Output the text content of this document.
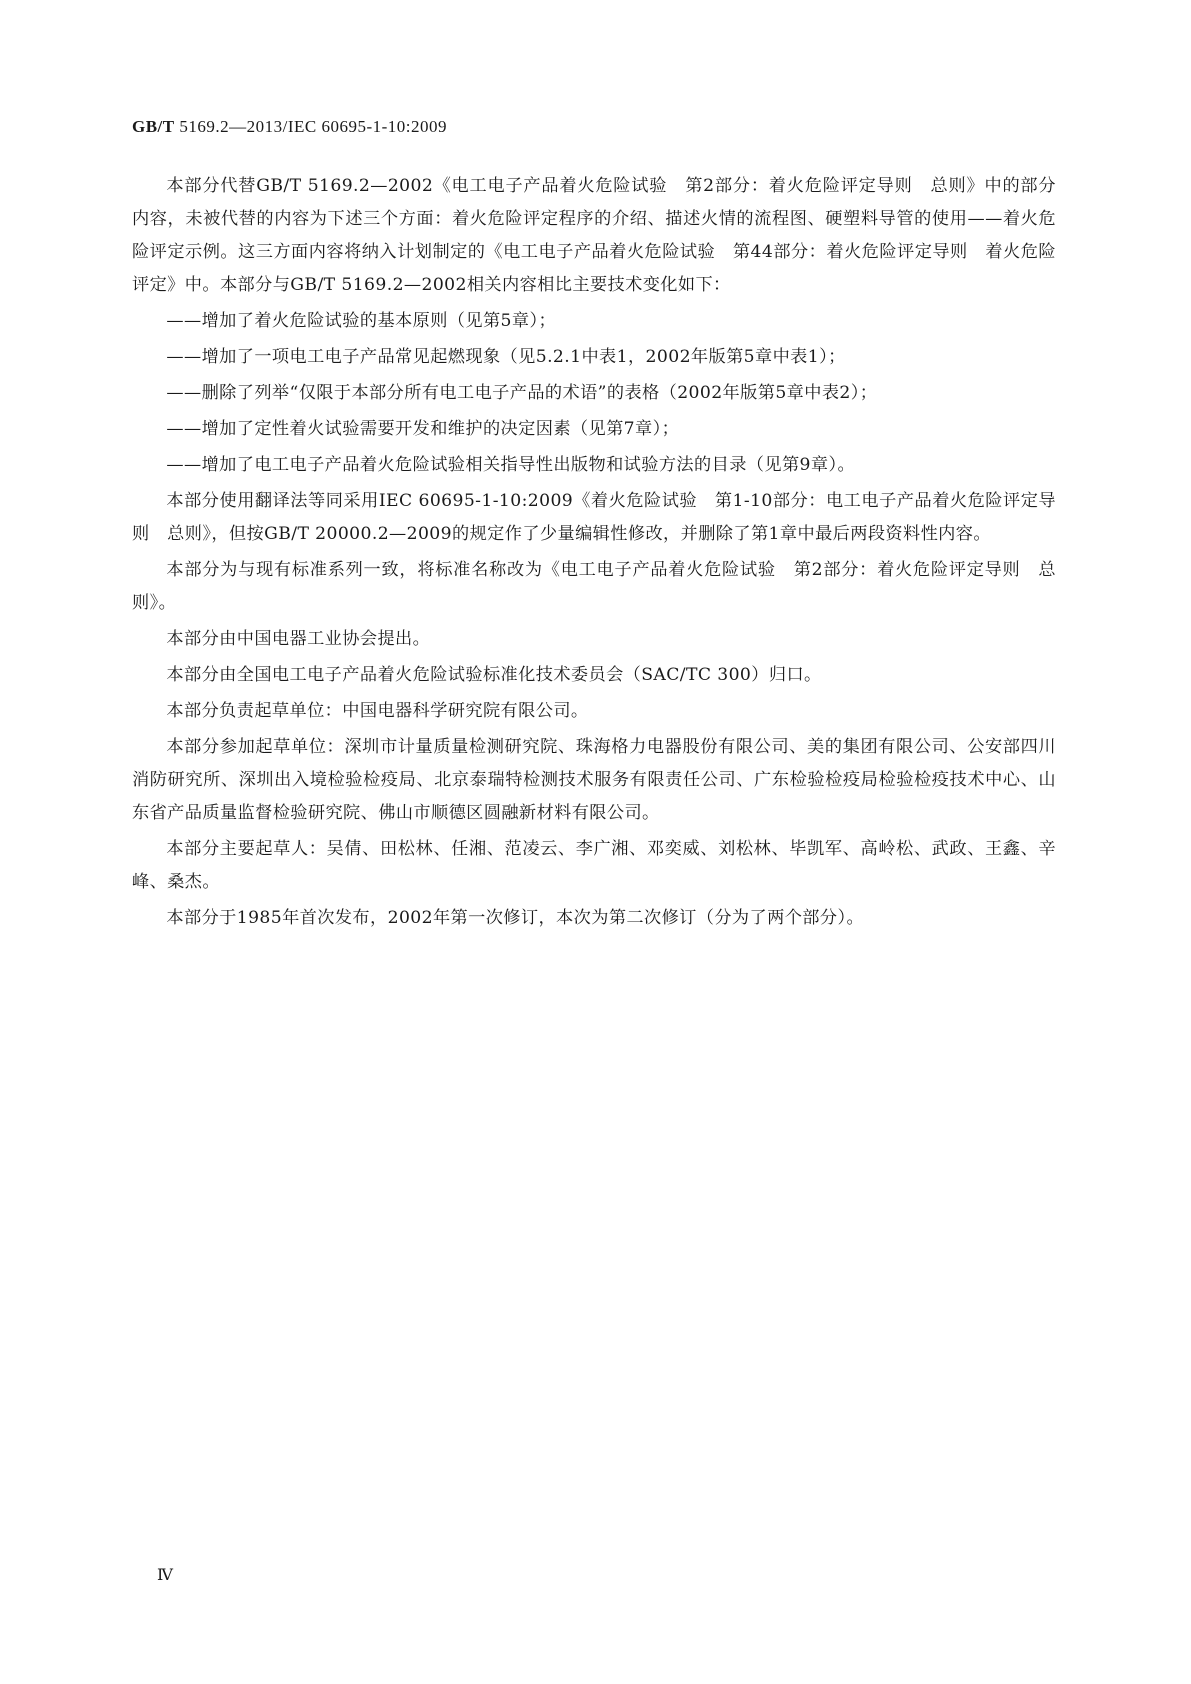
GB/T 5169.2—2013/IEC 60695-1-10:2009

本部分代替GB/T 5169.2—2002《电工电子产品着火危险试验　第2部分：着火危险评定导则　总则》中的部分内容，未被代替的内容为下述三个方面：着火危险评定程序的介绍、描述火情的流程图、硬塑料导管的使用——着火危险评定示例。这三方面内容将纳入计划制定的《电工电子产品着火危险试验　第44部分：着火危险评定导则　着火危险评定》中。本部分与GB/T 5169.2—2002相关内容相比主要技术变化如下：

——增加了着火危险试验的基本原则（见第5章）；
——增加了一项电工电子产品常见起燃现象（见5.2.1中表1，2002年版第5章中表1）；
——删除了列举“仅限于本部分所有电工电子产品的术语”的表格（2002年版第5章中表2）；
——增加了定性着火试验需要开发和维护的决定因素（见第7章）；
——增加了电工电子产品着火危险试验相关指导性出版物和试验方法的目录（见第9章）。

本部分使用翻译法等同采用IEC 60695-1-10:2009《着火危险试验　第1-10部分：电工电子产品着火危险评定导则　总则》，但按GB/T 20000.2—2009的规定作了少量编辑性修改，并删除了第1章中最后两段资料性内容。

本部分为与现有标准系列一致，将标准名称改为《电工电子产品着火危险试验　第2部分：着火危险评定导则　总则》。

本部分由中国电器工业协会提出。

本部分由全国电工电子产品着火危险试验标准化技术委员会（SAC/TC 300）归口。

本部分负责起草单位：中国电器科学研究院有限公司。

本部分参加起草单位：深圳市计量质量检测研究院、珠海格力电器股份有限公司、美的集团有限公司、公安部四川消防研究所、深圳出入境检验检疫局、北京泰瑞特检测技术服务有限责任公司、广东检验检疫局检验检疫技术中心、山东省产品质量监督检验研究院、佛山市顺德区圆融新材料有限公司。

本部分主要起草人：吴倩、田松林、任湘、范凌云、李广湘、邓奕威、刘松林、毕凯军、高岭松、武政、王鑫、辛峰、桑杰。

本部分于1985年首次发布，2002年第一次修订，本次为第二次修订（分为了两个部分）。

Ⅳ
